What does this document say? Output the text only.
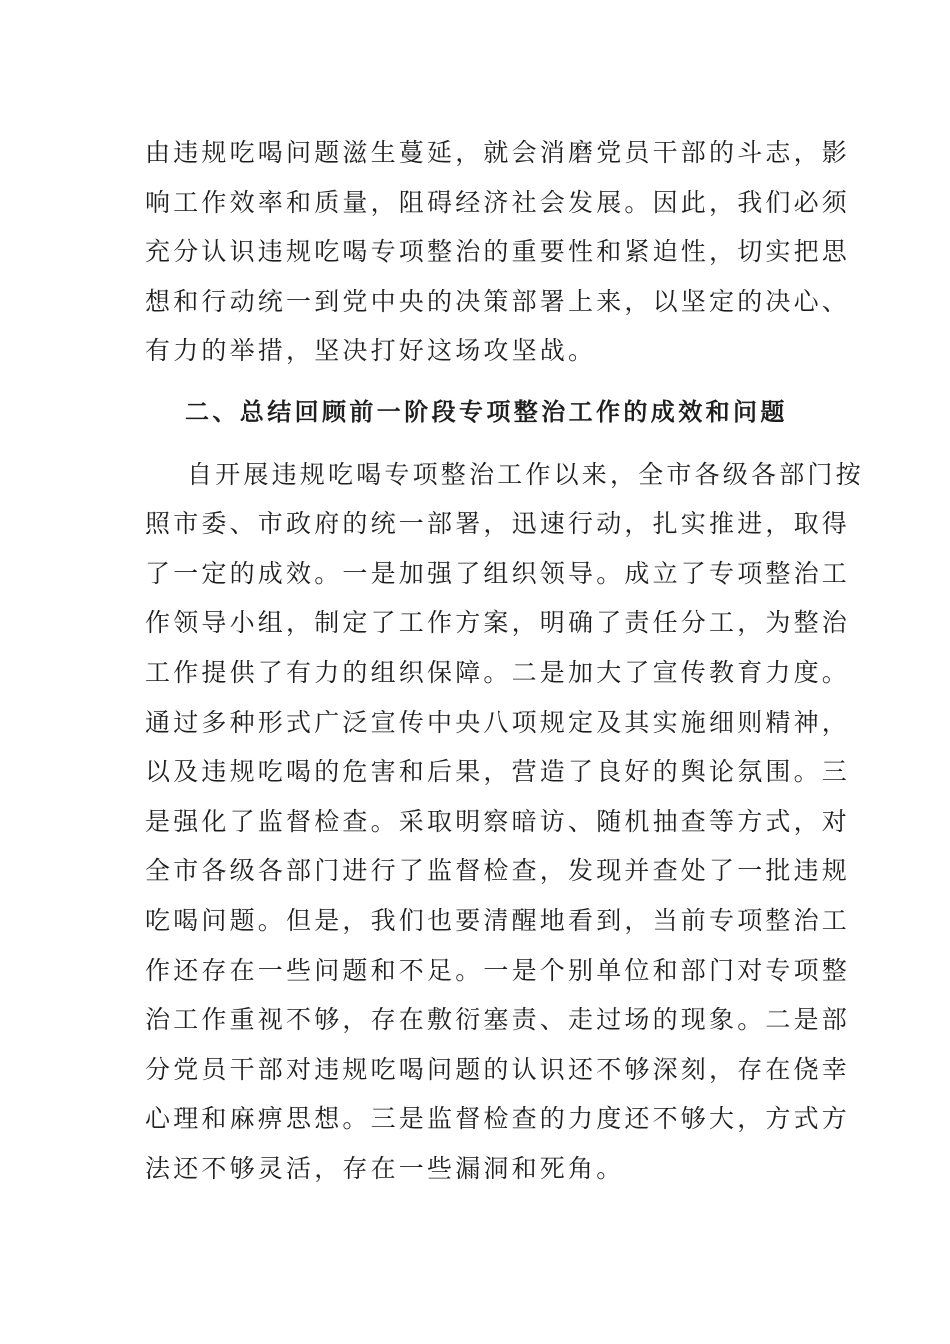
由违规吃喝问题滋生蔓延，就会消磨党员干部的斗志，影
响工作效率和质量，阻碍经济社会发展。因此，我们必须
充分认识违规吃喝专项整治的重要性和紧迫性，切实把思
想和行动统一到党中央的决策部署上来，以坚定的决心、
有力的举措，坚决打好这场攻坚战。
二、总结回顾前一阶段专项整治工作的成效和问题
自开展违规吃喝专项整治工作以来，全市各级各部门按
照市委、市政府的统一部署，迅速行动，扎实推进，取得
了一定的成效。一是加强了组织领导。成立了专项整治工
作领导小组，制定了工作方案，明确了责任分工，为整治
工作提供了有力的组织保障。二是加大了宣传教育力度。
通过多种形式广泛宣传中央八项规定及其实施细则精神，
以及违规吃喝的危害和后果，营造了良好的舆论氛围。三
是强化了监督检查。采取明察暗访、随机抽查等方式，对
全市各级各部门进行了监督检查，发现并查处了一批违规
吃喝问题。但是，我们也要清醒地看到，当前专项整治工
作还存在一些问题和不足。一是个别单位和部门对专项整
治工作重视不够，存在敷衍塞责、走过场的现象。二是部
分党员干部对违规吃喝问题的认识还不够深刻，存在侥幸
心理和麻痹思想。三是监督检查的力度还不够大，方式方
法还不够灵活，存在一些漏洞和死角。
